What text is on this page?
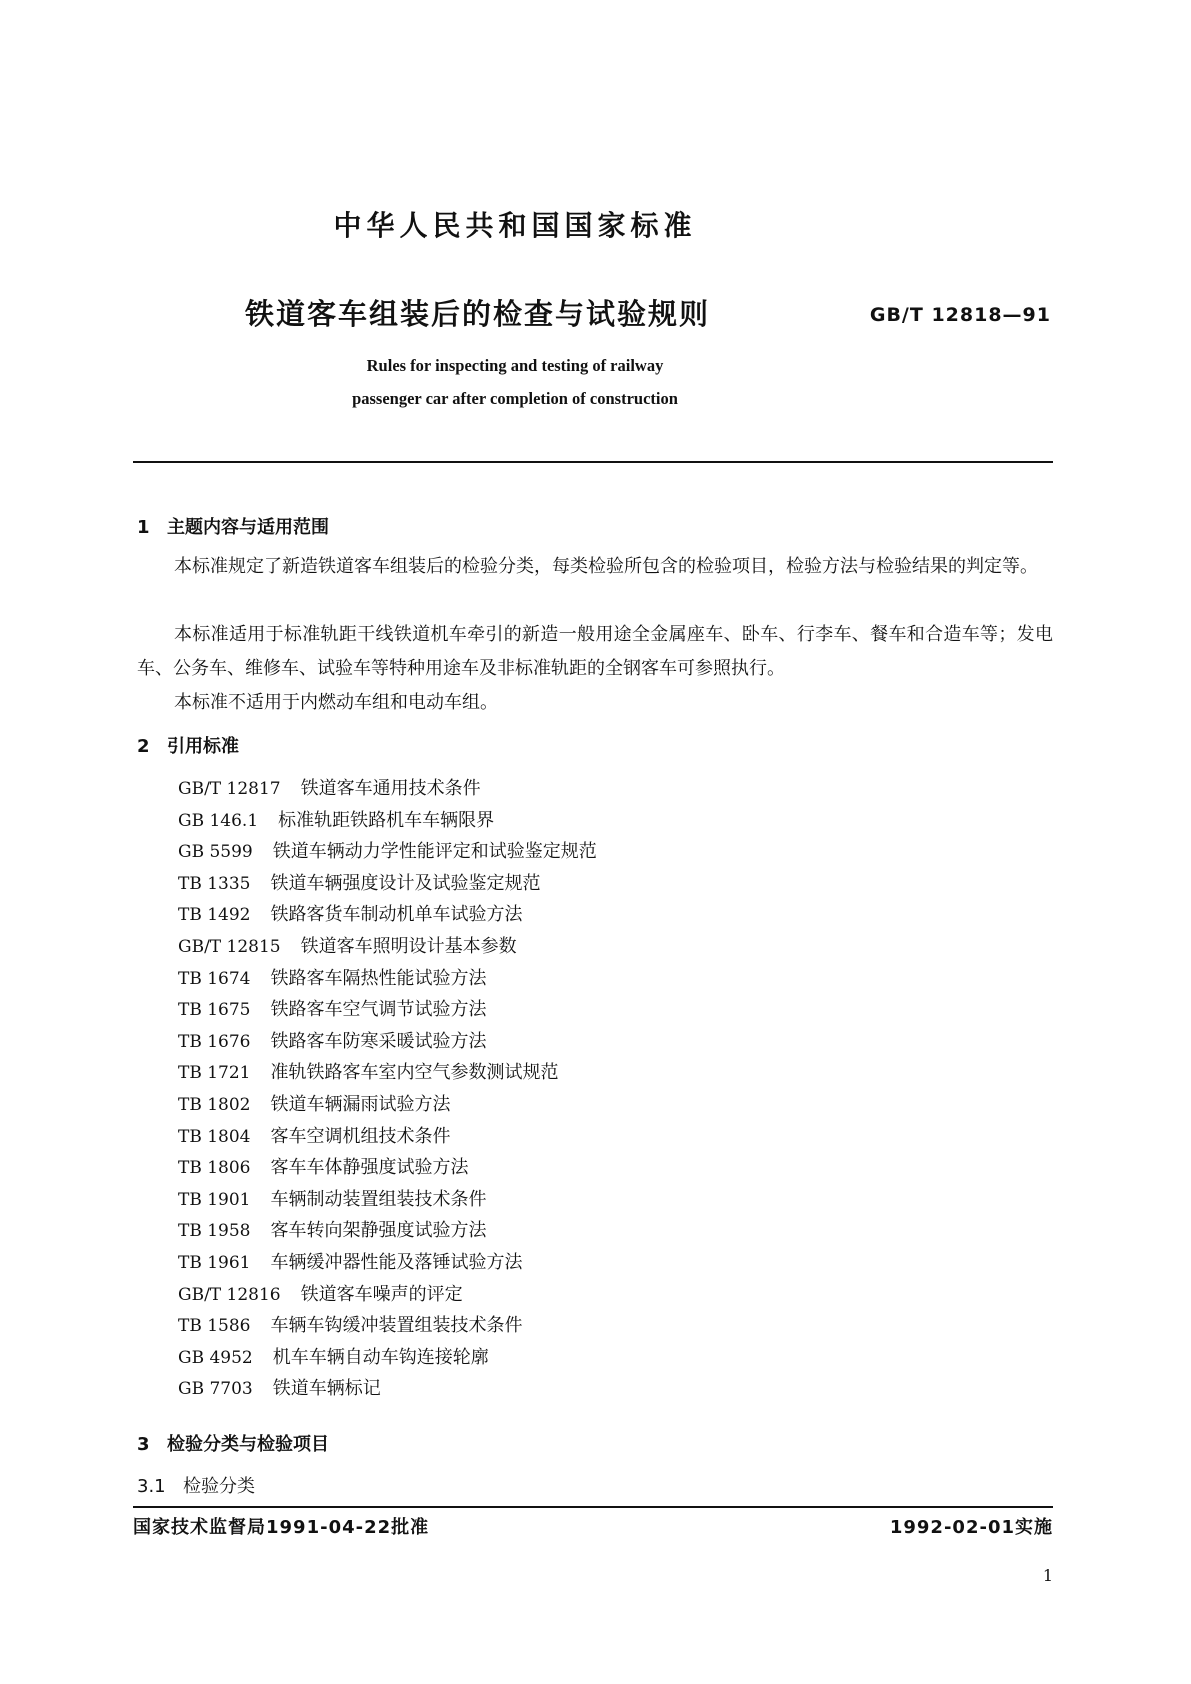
中华人民共和国国家标准
铁道客车组装后的检查与试验规则	GB/T 12818—91
Rules for inspecting and testing of railway
passenger car after completion of construction
1 主题内容与适用范围
本标准规定了新造铁道客车组装后的检验分类，每类检验所包含的检验项目，检验方法与检验结果的判定等。
本标准适用于标准轨距干线铁道机车牵引的新造一般用途全金属座车、卧车、行李车、餐车和合造车等；发电车、公务车、维修车、试验车等特种用途车及非标准轨距的全钢客车可参照执行。
本标准不适用于内燃动车组和电动车组。
2 引用标准
GB/T 12817 铁道客车通用技术条件
GB 146.1 标准轨距铁路机车车辆限界
GB 5599 铁道车辆动力学性能评定和试验鉴定规范
TB 1335 铁道车辆强度设计及试验鉴定规范
TB 1492 铁路客货车制动机单车试验方法
GB/T 12815 铁道客车照明设计基本参数
TB 1674 铁路客车隔热性能试验方法
TB 1675 铁路客车空气调节试验方法
TB 1676 铁路客车防寒采暖试验方法
TB 1721 准轨铁路客车室内空气参数测试规范
TB 1802 铁道车辆漏雨试验方法
TB 1804 客车空调机组技术条件
TB 1806 客车车体静强度试验方法
TB 1901 车辆制动装置组装技术条件
TB 1958 客车转向架静强度试验方法
TB 1961 车辆缓冲器性能及落锤试验方法
GB/T 12816 铁道客车噪声的评定
TB 1586 车辆车钩缓冲装置组装技术条件
GB 4952 机车车辆自动车钩连接轮廓
GB 7703 铁道车辆标记
3 检验分类与检验项目
3.1 检验分类
国家技术监督局1991-04-22批准	1992-02-01实施
1
